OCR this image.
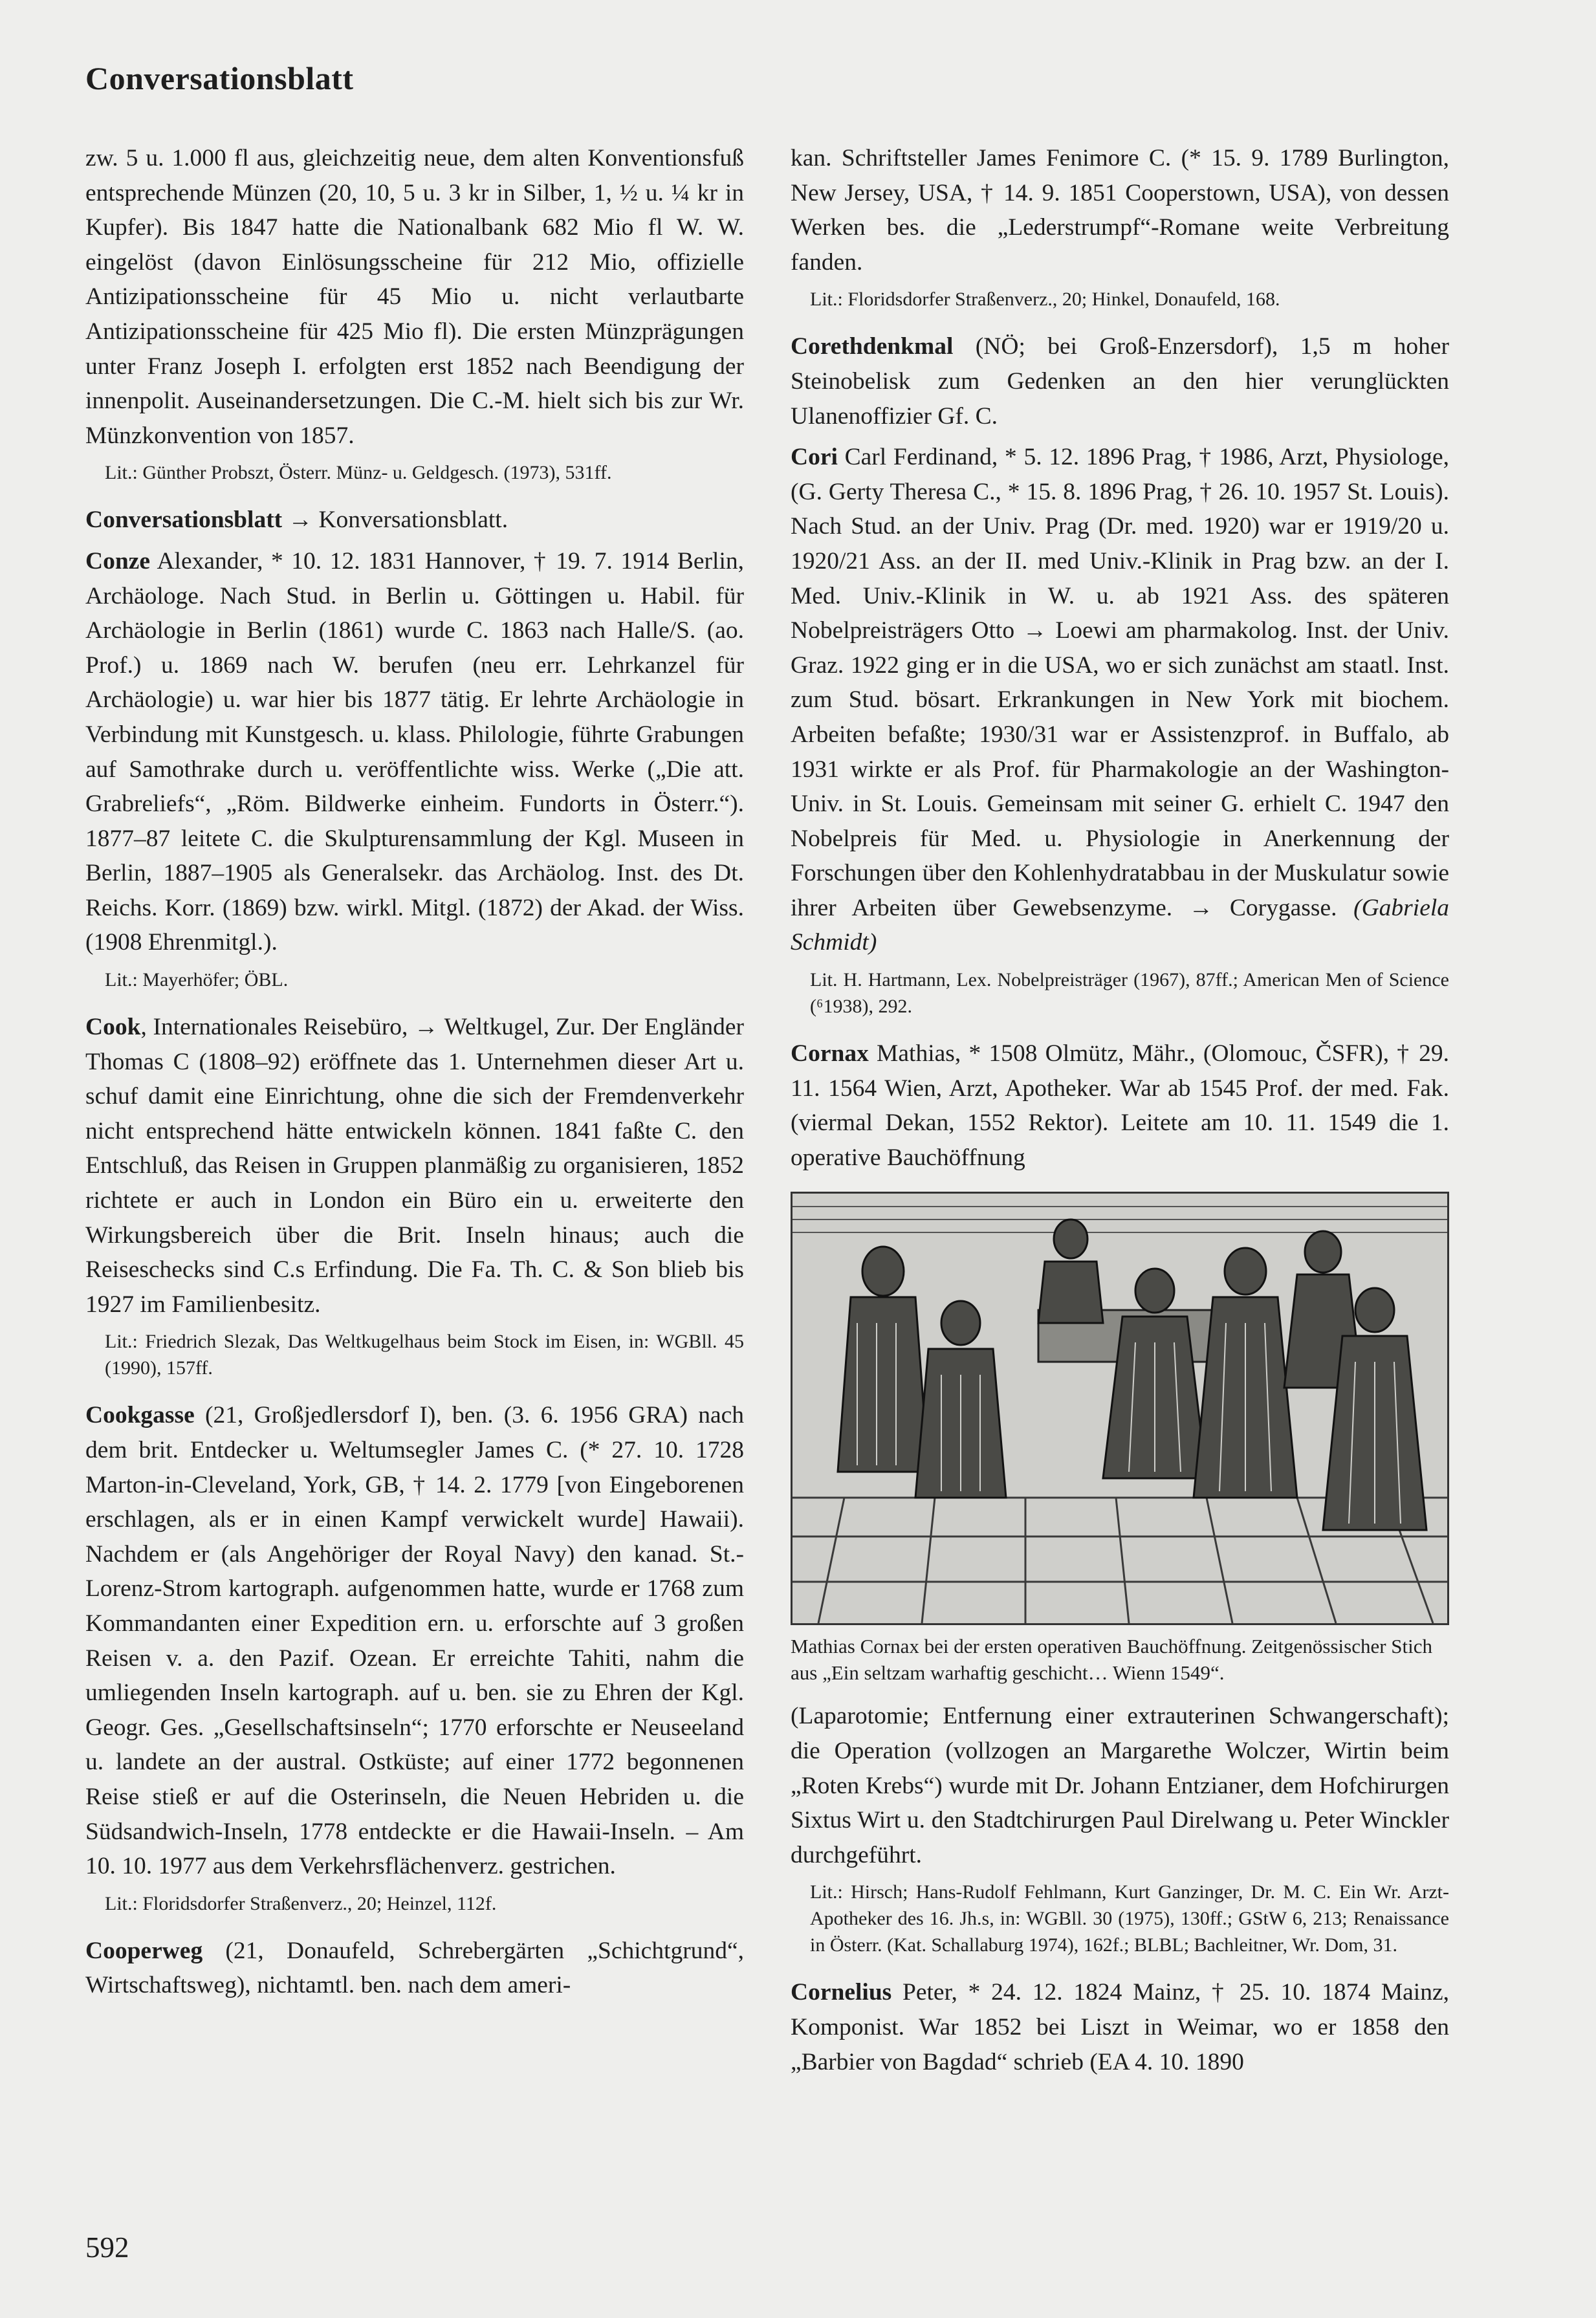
Conversationsblatt

zw. 5 u. 1.000 fl aus, gleichzeitig neue, dem alten Konventionsfuß entsprechende Münzen (20, 10, 5 u. 3 kr in Silber, 1, ½ u. ¼ kr in Kupfer). Bis 1847 hatte die Nationalbank 682 Mio fl W. W. eingelöst (davon Einlösungsscheine für 212 Mio, offizielle Antizipationsscheine für 45 Mio u. nicht verlautbarte Antizipationsscheine für 425 Mio fl). Die ersten Münzprägungen unter Franz Joseph I. erfolgten erst 1852 nach Beendigung der innenpolit. Auseinandersetzungen. Die C.-M. hielt sich bis zur Wr. Münzkonvention von 1857.

Lit.: Günther Probszt, Österr. Münz- u. Geldgesch. (1973), 531ff.

Conversationsblatt → Konversationsblatt.

Conze Alexander, * 10. 12. 1831 Hannover, † 19. 7. 1914 Berlin, Archäologe. Nach Stud. in Berlin u. Göttingen u. Habil. für Archäologie in Berlin (1861) wurde C. 1863 nach Halle/S. (ao. Prof.) u. 1869 nach W. berufen (neu err. Lehrkanzel für Archäologie) u. war hier bis 1877 tätig. Er lehrte Archäologie in Verbindung mit Kunstgesch. u. klass. Philologie, führte Grabungen auf Samothrake durch u. veröffentlichte wiss. Werke („Die att. Grabreliefs“, „Röm. Bildwerke einheim. Fundorts in Österr.“). 1877–87 leitete C. die Skulpturensammlung der Kgl. Museen in Berlin, 1887–1905 als Generalsekr. das Archäolog. Inst. des Dt. Reichs. Korr. (1869) bzw. wirkl. Mitgl. (1872) der Akad. der Wiss. (1908 Ehrenmitgl.).

Lit.: Mayerhöfer; ÖBL.

Cook, Internationales Reisebüro, → Weltkugel, Zur. Der Engländer Thomas C (1808–92) eröffnete das 1. Unternehmen dieser Art u. schuf damit eine Einrichtung, ohne die sich der Fremdenverkehr nicht entsprechend hätte entwickeln können. 1841 faßte C. den Entschluß, das Reisen in Gruppen planmäßig zu organisieren, 1852 richtete er auch in London ein Büro ein u. erweiterte den Wirkungsbereich über die Brit. Inseln hinaus; auch die Reiseschecks sind C.s Erfindung. Die Fa. Th. C. & Son blieb bis 1927 im Familienbesitz.

Lit.: Friedrich Slezak, Das Weltkugelhaus beim Stock im Eisen, in: WGBll. 45 (1990), 157ff.

Cookgasse (21, Großjedlersdorf I), ben. (3. 6. 1956 GRA) nach dem brit. Entdecker u. Weltumsegler James C. (* 27. 10. 1728 Marton-in-Cleveland, York, GB, † 14. 2. 1779 [von Eingeborenen erschlagen, als er in einen Kampf verwickelt wurde] Hawaii). Nachdem er (als Angehöriger der Royal Navy) den kanad. St.-Lorenz-Strom kartograph. aufgenommen hatte, wurde er 1768 zum Kommandanten einer Expedition ern. u. erforschte auf 3 großen Reisen v. a. den Pazif. Ozean. Er erreichte Tahiti, nahm die umliegenden Inseln kartograph. auf u. ben. sie zu Ehren der Kgl. Geogr. Ges. „Gesellschaftsinseln“; 1770 erforschte er Neuseeland u. landete an der austral. Ostküste; auf einer 1772 begonnenen Reise stieß er auf die Osterinseln, die Neuen Hebriden u. die Südsandwich-Inseln, 1778 entdeckte er die Hawaii-Inseln. – Am 10. 10. 1977 aus dem Verkehrsflächenverz. gestrichen.

Lit.: Floridsdorfer Straßenverz., 20; Heinzel, 112f.

Cooperweg (21, Donaufeld, Schrebergärten „Schichtgrund“, Wirtschaftsweg), nichtamtl. ben. nach dem ameri-

kan. Schriftsteller James Fenimore C. (* 15. 9. 1789 Burlington, New Jersey, USA, † 14. 9. 1851 Cooperstown, USA), von dessen Werken bes. die „Lederstrumpf“-Romane weite Verbreitung fanden.

Lit.: Floridsdorfer Straßenverz., 20; Hinkel, Donaufeld, 168.

Corethdenkmal (NÖ; bei Groß-Enzersdorf), 1,5 m hoher Steinobelisk zum Gedenken an den hier verunglückten Ulanenoffizier Gf. C.

Cori Carl Ferdinand, * 5. 12. 1896 Prag, † 1986, Arzt, Physiologe, (G. Gerty Theresa C., * 15. 8. 1896 Prag, † 26. 10. 1957 St. Louis). Nach Stud. an der Univ. Prag (Dr. med. 1920) war er 1919/20 u. 1920/21 Ass. an der II. med Univ.-Klinik in Prag bzw. an der I. Med. Univ.-Klinik in W. u. ab 1921 Ass. des späteren Nobelpreisträgers Otto → Loewi am pharmakolog. Inst. der Univ. Graz. 1922 ging er in die USA, wo er sich zunächst am staatl. Inst. zum Stud. bösart. Erkrankungen in New York mit biochem. Arbeiten befaßte; 1930/31 war er Assistenzprof. in Buffalo, ab 1931 wirkte er als Prof. für Pharmakologie an der Washington-Univ. in St. Louis. Gemeinsam mit seiner G. erhielt C. 1947 den Nobelpreis für Med. u. Physiologie in Anerkennung der Forschungen über den Kohlenhydratabbau in der Muskulatur sowie ihrer Arbeiten über Gewebsenzyme. → Corygasse. (Gabriela Schmidt)

Lit. H. Hartmann, Lex. Nobelpreisträger (1967), 87ff.; American Men of Science (⁶1938), 292.

Cornax Mathias, * 1508 Olmütz, Mähr., (Olomouc, ČSFR), † 29. 11. 1564 Wien, Arzt, Apotheker. War ab 1545 Prof. der med. Fak. (viermal Dekan, 1552 Rektor). Leitete am 10. 11. 1549 die 1. operative Bauchöffnung

Mathias Cornax bei der ersten operativen Bauchöffnung. Zeitgenössischer Stich aus „Ein seltzam warhaftig geschicht… Wienn 1549“.

(Laparotomie; Entfernung einer extrauterinen Schwangerschaft); die Operation (vollzogen an Margarethe Wolczer, Wirtin beim „Roten Krebs“) wurde mit Dr. Johann Entzianer, dem Hofchirurgen Sixtus Wirt u. den Stadtchirurgen Paul Direlwang u. Peter Winckler durchgeführt.

Lit.: Hirsch; Hans-Rudolf Fehlmann, Kurt Ganzinger, Dr. M. C. Ein Wr. Arzt-Apotheker des 16. Jh.s, in: WGBll. 30 (1975), 130ff.; GStW 6, 213; Renaissance in Österr. (Kat. Schallaburg 1974), 162f.; BLBL; Bachleitner, Wr. Dom, 31.

Cornelius Peter, * 24. 12. 1824 Mainz, † 25. 10. 1874 Mainz, Komponist. War 1852 bei Liszt in Weimar, wo er 1858 den „Barbier von Bagdad“ schrieb (EA 4. 10. 1890

592
